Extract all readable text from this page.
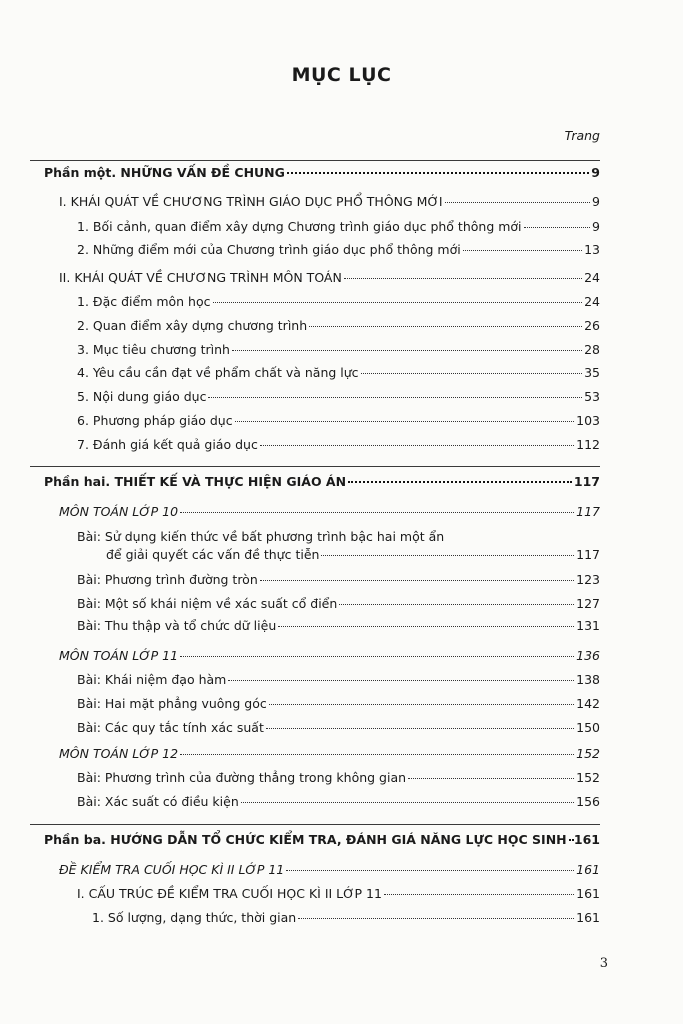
MỤC LỤC
Trang
Phần một. NHỮNG VẤN ĐỀ CHUNG	9
I. KHÁI QUÁT VỀ CHƯƠNG TRÌNH GIÁO DỤC PHỔ THÔNG MỚI	9
1. Bối cảnh, quan điểm xây dựng Chương trình giáo dục phổ thông mới	9
2. Những điểm mới của Chương trình giáo dục phổ thông mới	13
II. KHÁI QUÁT VỀ CHƯƠNG TRÌNH MÔN TOÁN	24
1. Đặc điểm môn học	24
2. Quan điểm xây dựng chương trình	26
3. Mục tiêu chương trình	28
4. Yêu cầu cần đạt về phẩm chất và năng lực	35
5. Nội dung giáo dục	53
6. Phương pháp giáo dục	103
7. Đánh giá kết quả giáo dục	112
Phần hai. THIẾT KẾ VÀ THỰC HIỆN GIÁO ÁN	117
MÔN TOÁN LỚP 10	117
Bài: Sử dụng kiến thức về bất phương trình bậc hai một ẩn
để giải quyết các vấn đề thực tiễn	117
Bài: Phương trình đường tròn	123
Bài: Một số khái niệm về xác suất cổ điển	127
Bài: Thu thập và tổ chức dữ liệu	131
MÔN TOÁN LỚP 11	136
Bài: Khái niệm đạo hàm	138
Bài: Hai mặt phẳng vuông góc	142
Bài: Các quy tắc tính xác suất	150
MÔN TOÁN LỚP 12	152
Bài: Phương trình của đường thẳng trong không gian	152
Bài: Xác suất có điều kiện	156
Phần ba. HƯỚNG DẪN TỔ CHỨC KIỂM TRA, ĐÁNH GIÁ NĂNG LỰC HỌC SINH 161
ĐỀ KIỂM TRA CUỐI HỌC KÌ II LỚP 11	161
I. CẤU TRÚC ĐỀ KIỂM TRA CUỐI HỌC KÌ II LỚP 11	161
1. Số lượng, dạng thức, thời gian	161
3
